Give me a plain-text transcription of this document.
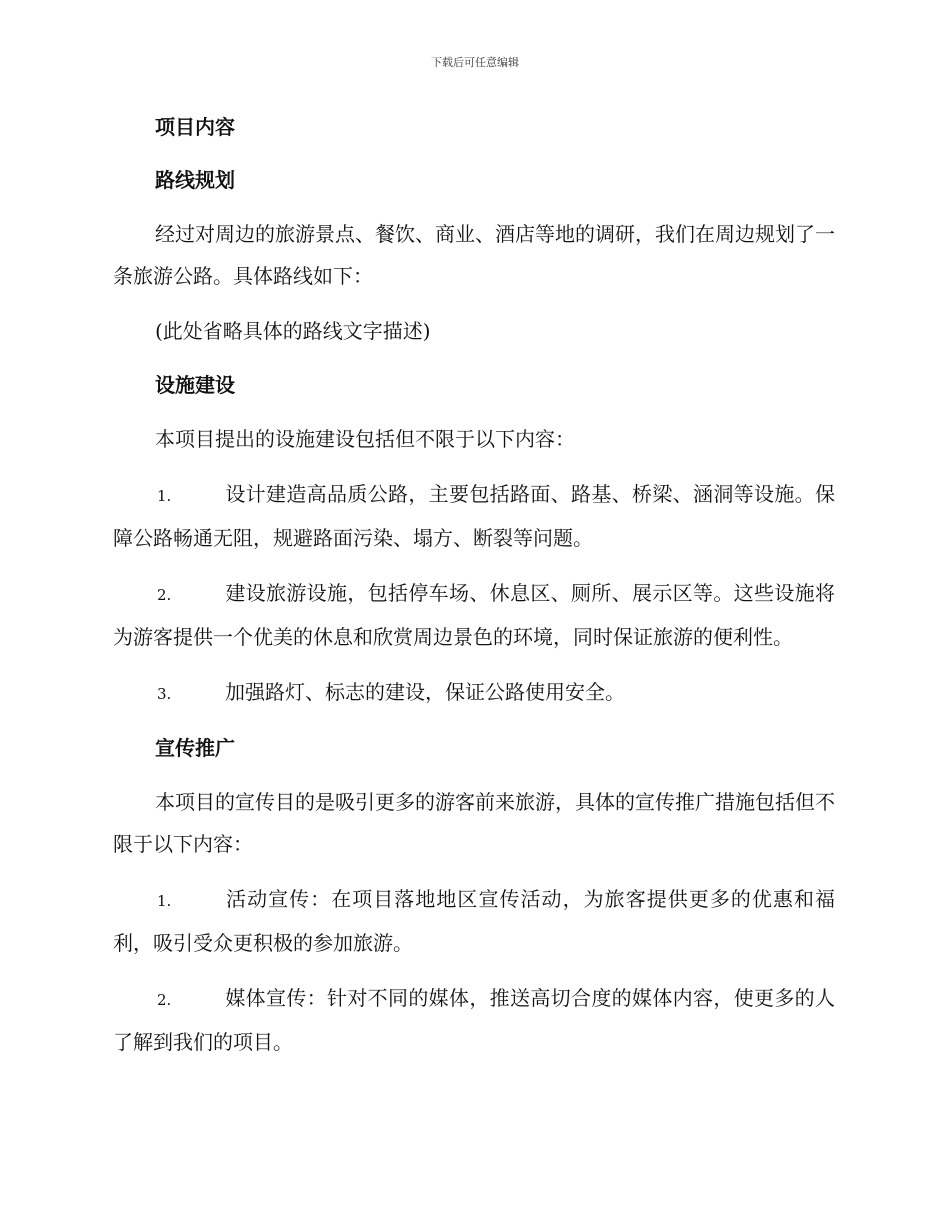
下载后可任意编辑
项目内容
路线规划
经过对周边的旅游景点、餐饮、商业、酒店等地的调研，我们在周边规划了一条旅游公路。具体路线如下：
(此处省略具体的路线文字描述)
设施建设
本项目提出的设施建设包括但不限于以下内容：
1.	设计建造高品质公路，主要包括路面、路基、桥梁、涵洞等设施。保障公路畅通无阻，规避路面污染、塌方、断裂等问题。
2.	建设旅游设施，包括停车场、休息区、厕所、展示区等。这些设施将为游客提供一个优美的休息和欣赏周边景色的环境，同时保证旅游的便利性。
3.	加强路灯、标志的建设，保证公路使用安全。
宣传推广
本项目的宣传目的是吸引更多的游客前来旅游，具体的宣传推广措施包括但不限于以下内容：
1.	活动宣传：在项目落地地区宣传活动，为旅客提供更多的优惠和福利，吸引受众更积极的参加旅游。
2.	媒体宣传：针对不同的媒体，推送高切合度的媒体内容，使更多的人了解到我们的项目。
